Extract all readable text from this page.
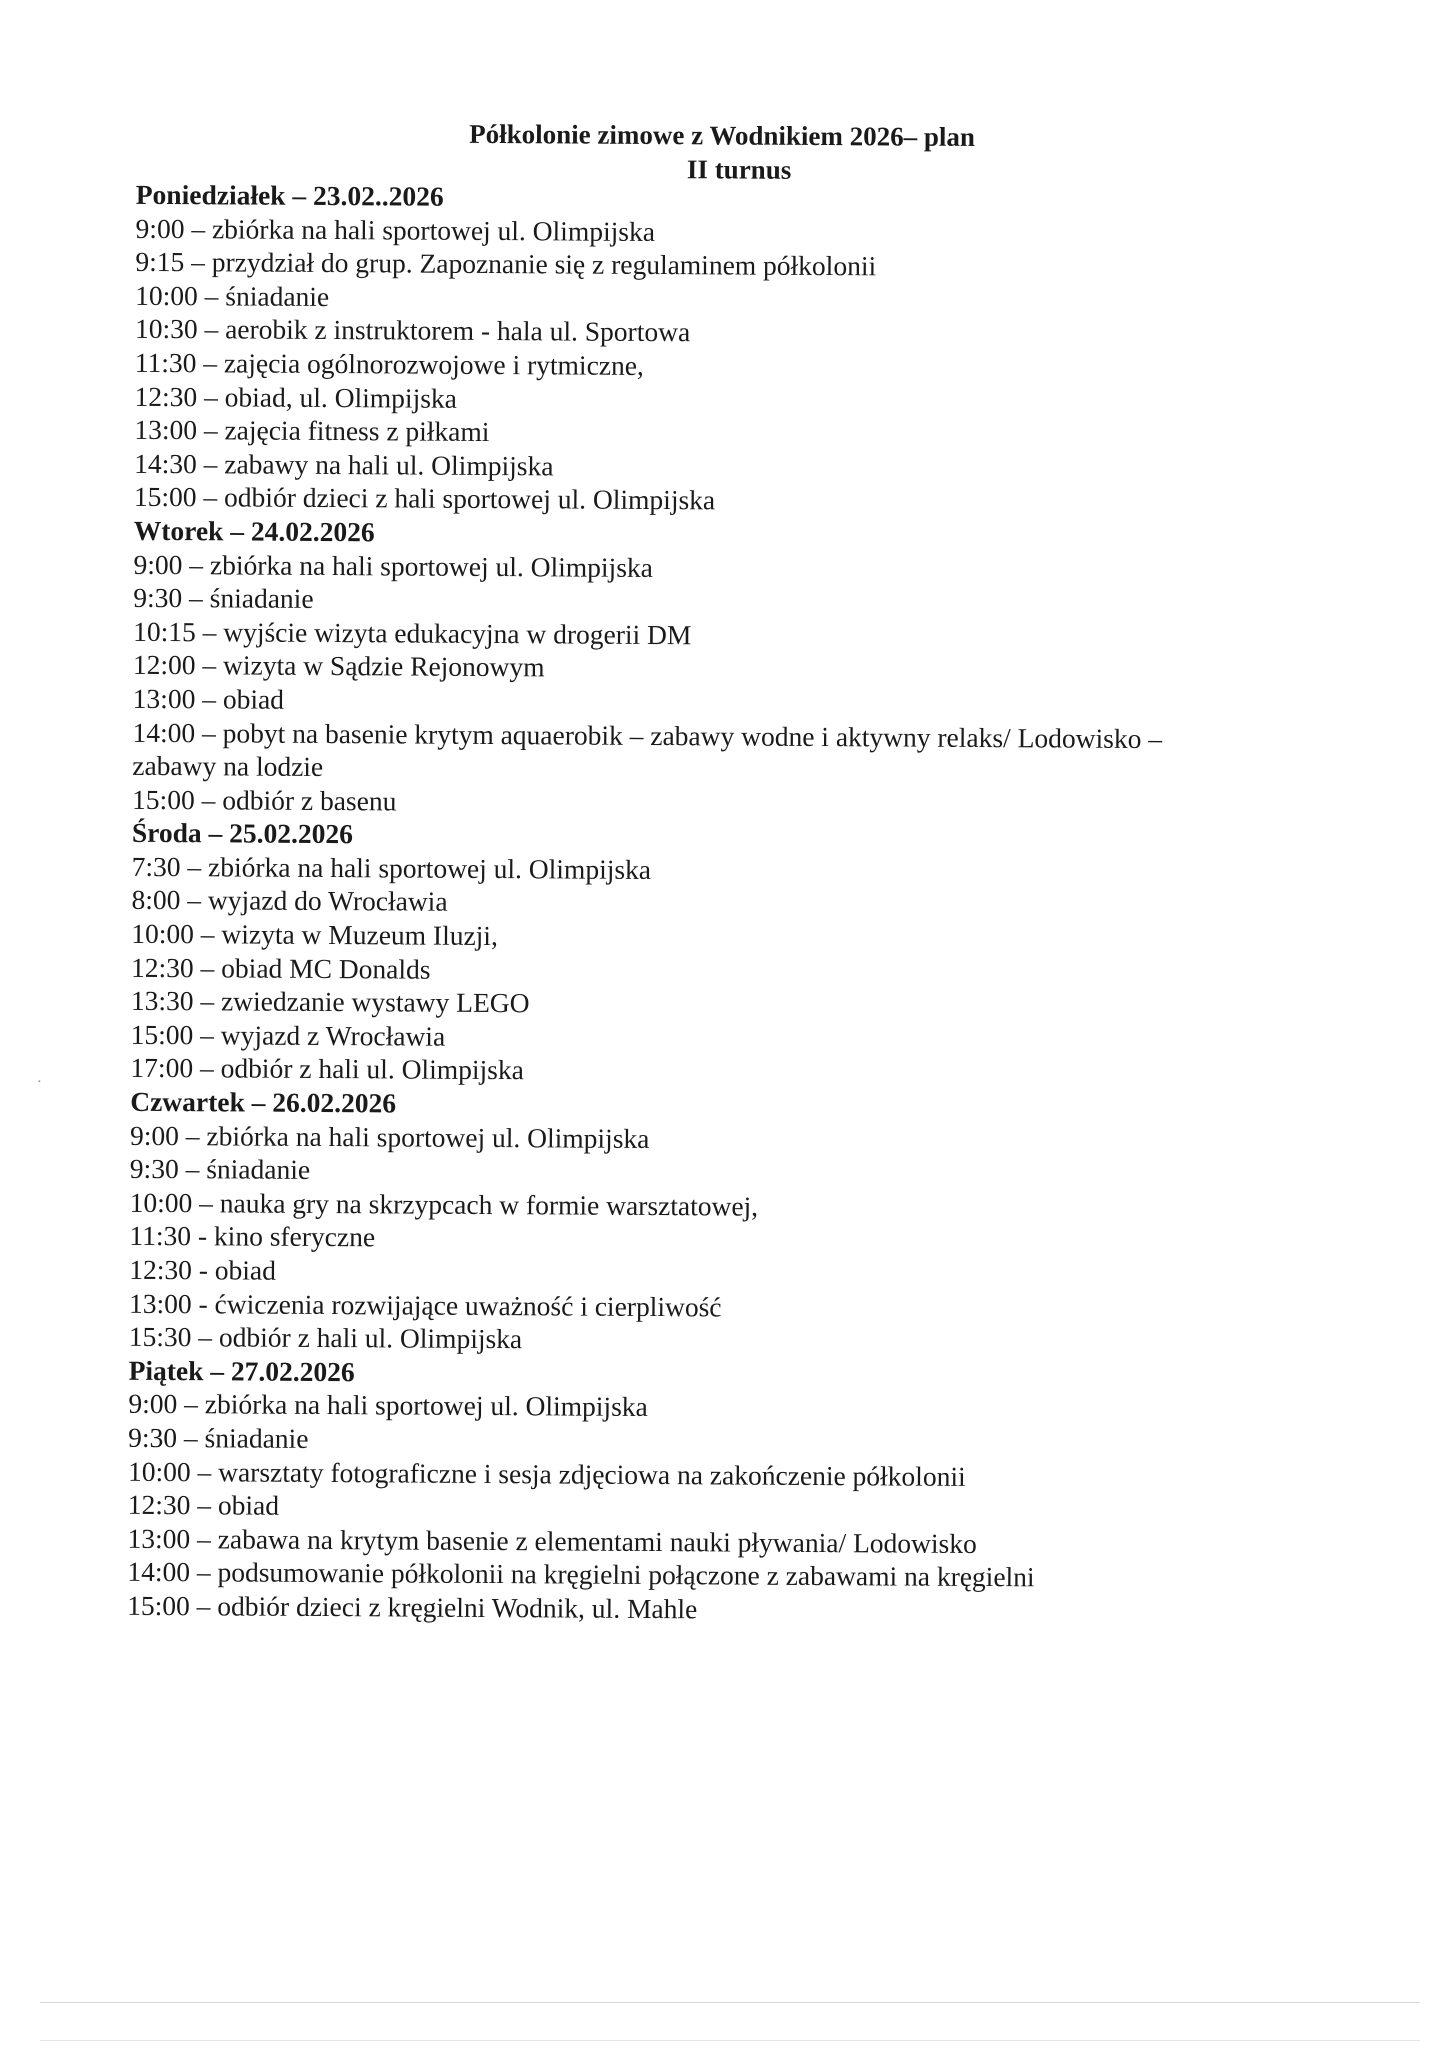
Półkolonie zimowe z Wodnikiem 2026– plan
II turnus
Poniedziałek – 23.02..2026
9:00 – zbiórka na hali sportowej ul. Olimpijska
9:15 – przydział do grup. Zapoznanie się z regulaminem półkolonii
10:00 – śniadanie
10:30 – aerobik z instruktorem - hala ul. Sportowa
11:30 – zajęcia ogólnorozwojowe i rytmiczne,
12:30 – obiad, ul. Olimpijska
13:00 – zajęcia fitness z piłkami
14:30 – zabawy na hali ul. Olimpijska
15:00 – odbiór dzieci z hali sportowej ul. Olimpijska
Wtorek – 24.02.2026
9:00 – zbiórka na hali sportowej ul. Olimpijska
9:30 – śniadanie
10:15 – wyjście wizyta edukacyjna w drogerii DM
12:00 – wizyta w Sądzie Rejonowym
13:00 – obiad
14:00 – pobyt na basenie krytym aquaerobik – zabawy wodne i aktywny relaks/ Lodowisko –
zabawy na lodzie
15:00 – odbiór z basenu
Środa – 25.02.2026
7:30 – zbiórka na hali sportowej ul. Olimpijska
8:00 – wyjazd do Wrocławia
10:00 – wizyta w Muzeum Iluzji,
12:30 – obiad MC Donalds
13:30 – zwiedzanie wystawy LEGO
15:00 – wyjazd z Wrocławia
17:00 – odbiór z hali ul. Olimpijska
Czwartek – 26.02.2026
9:00 – zbiórka na hali sportowej ul. Olimpijska
9:30 – śniadanie
10:00 – nauka gry na skrzypcach w formie warsztatowej,
11:30 - kino sferyczne
12:30 - obiad
13:00 - ćwiczenia rozwijające uważność i cierpliwość
15:30 – odbiór z hali ul. Olimpijska
Piątek – 27.02.2026
9:00 – zbiórka na hali sportowej ul. Olimpijska
9:30 – śniadanie
10:00 – warsztaty fotograficzne i sesja zdjęciowa na zakończenie półkolonii
12:30 – obiad
13:00 – zabawa na krytym basenie z elementami nauki pływania/ Lodowisko
14:00 – podsumowanie półkolonii na kręgielni połączone z zabawami na kręgielni
15:00 – odbiór dzieci z kręgielni Wodnik, ul. Mahle
